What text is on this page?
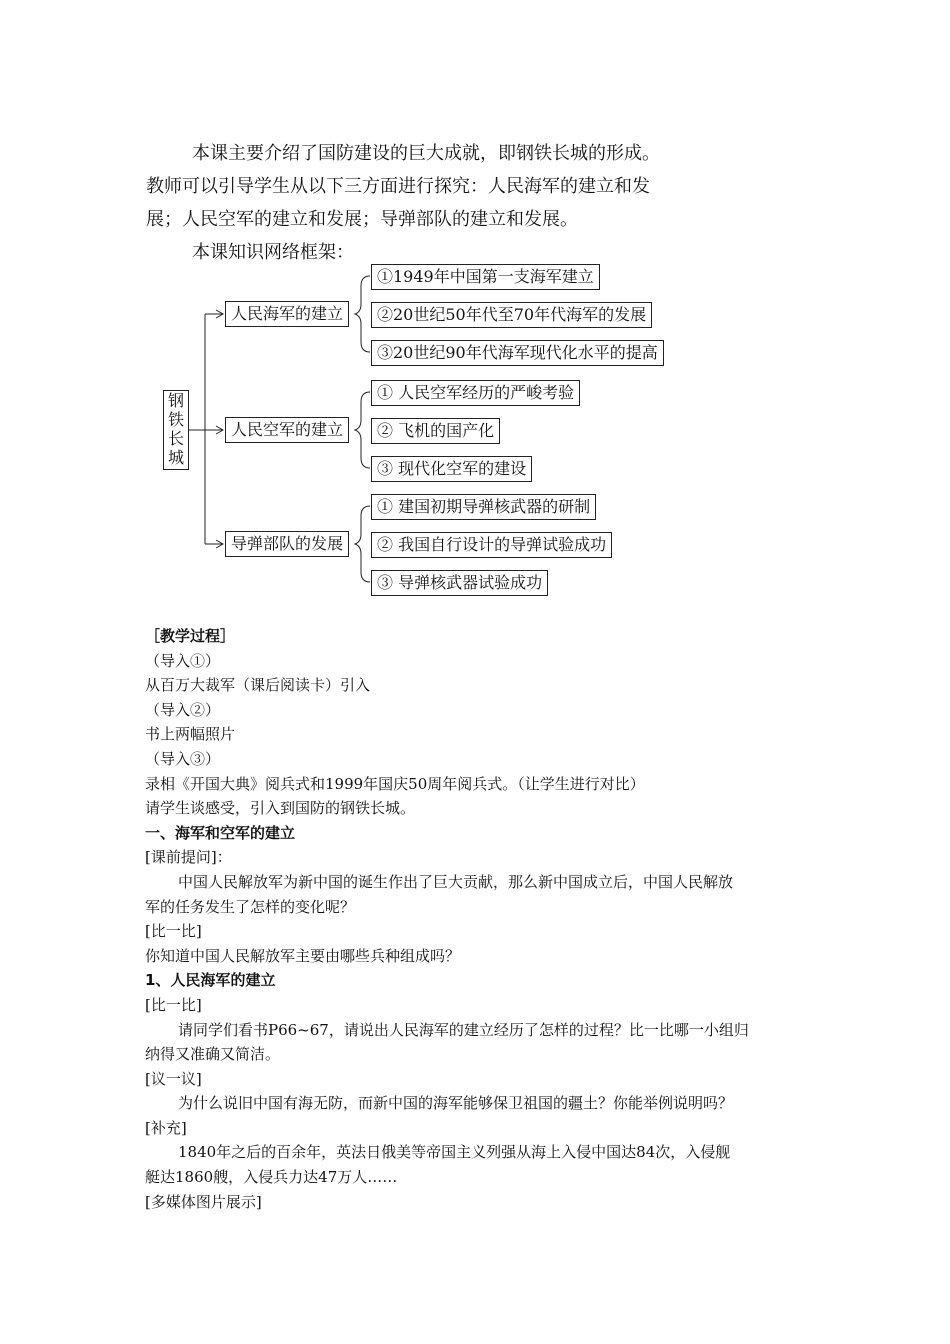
本课主要介绍了国防建设的巨大成就，即钢铁长城的形成。
教师可以引导学生从以下三方面进行探究：人民海军的建立和发
展；人民空军的建立和发展；导弹部队的建立和发展。
本课知识网络框架：
钢
铁
长
城
人民海军的建立
人民空军的建立
导弹部队的发展
①1949年中国第一支海军建立
②20世纪50年代至70年代海军的发展
③20世纪90年代海军现代化水平的提高
① 人民空军经历的严峻考验
② 飞机的国产化
③ 现代化空军的建设
① 建国初期导弹核武器的研制
② 我国自行设计的导弹试验成功
③ 导弹核武器试验成功
［教学过程］
（导入①）
从百万大裁军（课后阅读卡）引入
（导入②）
书上两幅照片
（导入③）
录相《开国大典》阅兵式和1999年国庆50周年阅兵式。（让学生进行对比）
请学生谈感受，引入到国防的钢铁长城。
一、海军和空军的建立
[课前提问]：
中国人民解放军为新中国的诞生作出了巨大贡献，那么新中国成立后，中国人民解放
军的任务发生了怎样的变化呢？
[比一比]
你知道中国人民解放军主要由哪些兵种组成吗？
1、人民海军的建立
[比一比]
请同学们看书P66~67，请说出人民海军的建立经历了怎样的过程？比一比哪一小组归
纳得又准确又简洁。
[议一议]
为什么说旧中国有海无防，而新中国的海军能够保卫祖国的疆土？你能举例说明吗？
[补充]
1840年之后的百余年，英法日俄美等帝国主义列强从海上入侵中国达84次，入侵舰
艇达1860艘，入侵兵力达47万人……
[多媒体图片展示]
